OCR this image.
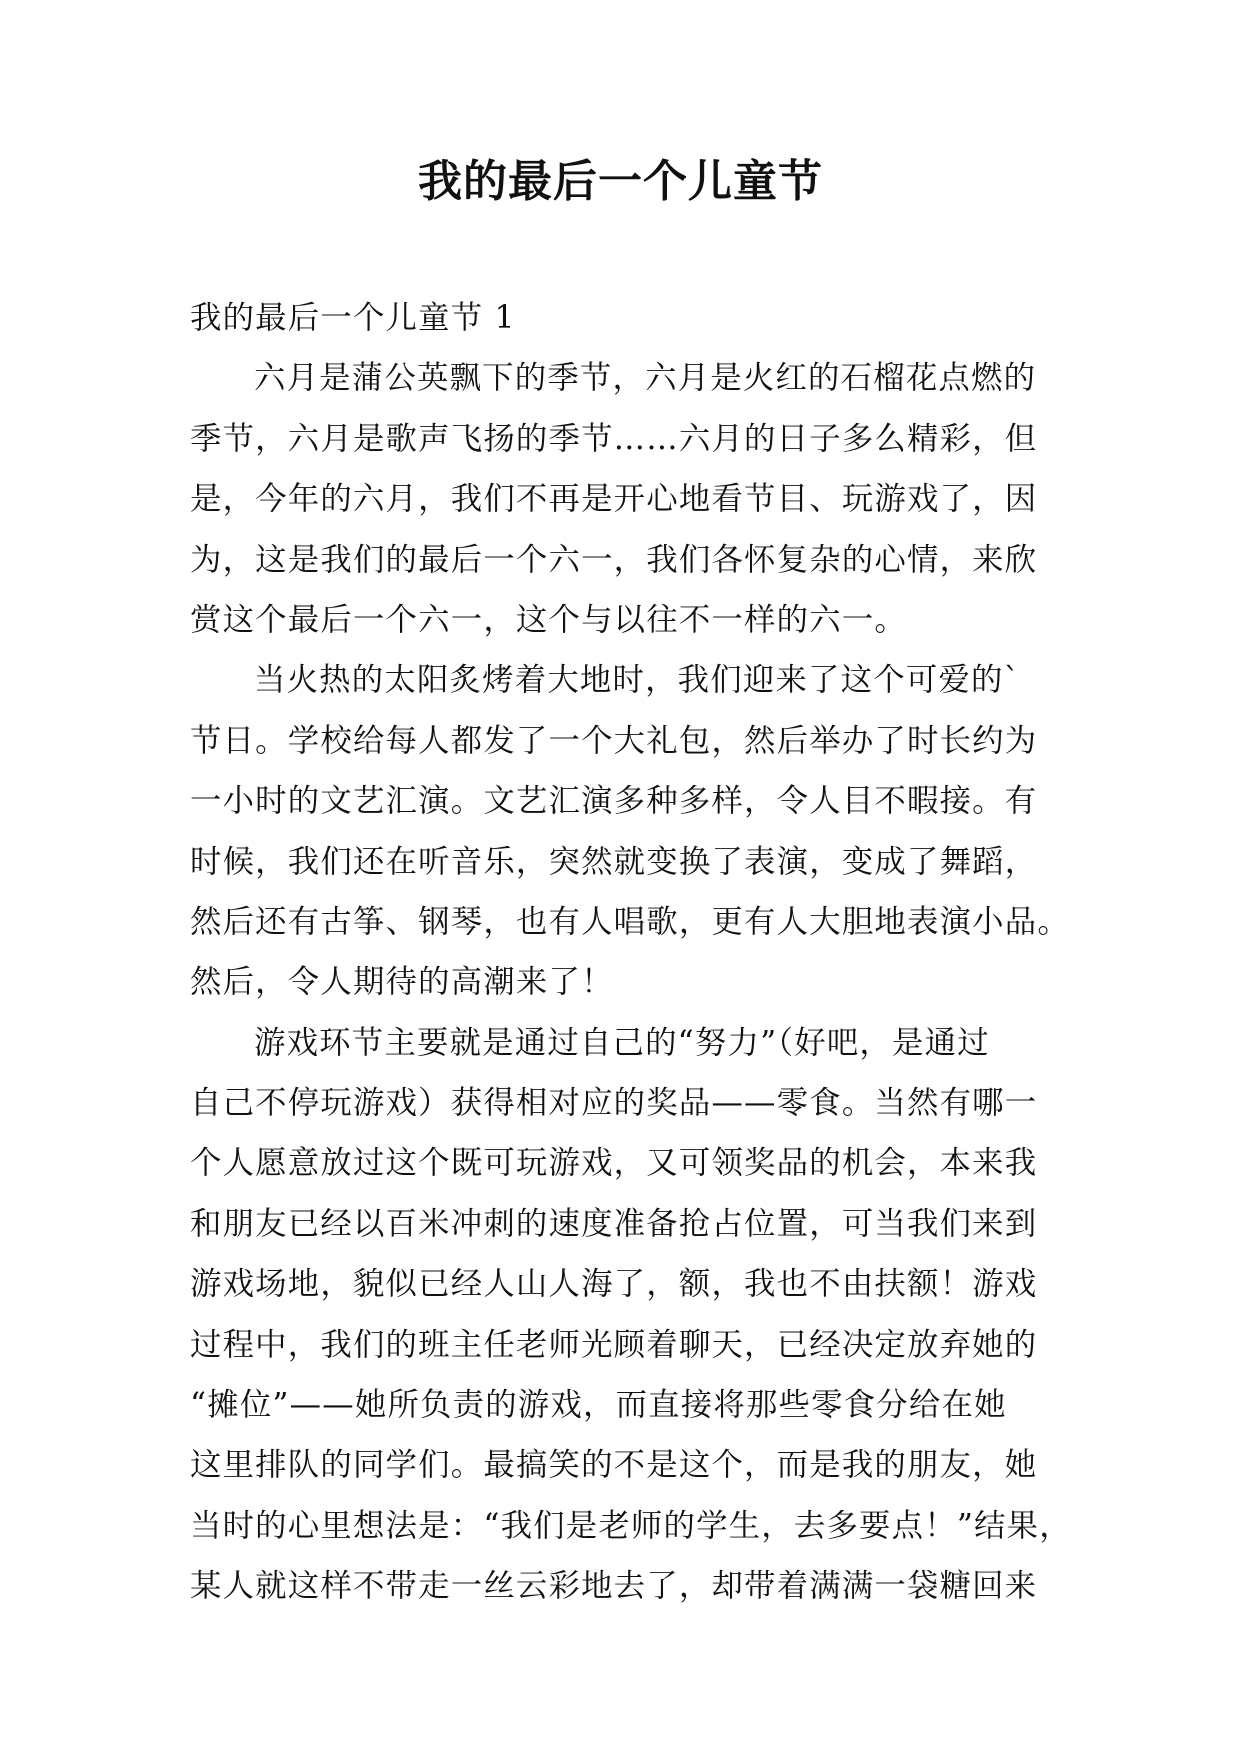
我的最后一个儿童节
我的最后一个儿童节 1
六月是蒲公英飘下的季节，六月是火红的石榴花点燃的
季节，六月是歌声飞扬的季节……六月的日子多么精彩，但
是，今年的六月，我们不再是开心地看节目、玩游戏了，因
为，这是我们的最后一个六一，我们各怀复杂的心情，来欣
赏这个最后一个六一，这个与以往不一样的六一。
当火热的太阳炙烤着大地时，我们迎来了这个可爱的`
节日。学校给每人都发了一个大礼包，然后举办了时长约为
一小时的文艺汇演。文艺汇演多种多样，令人目不暇接。有
时候，我们还在听音乐，突然就变换了表演，变成了舞蹈，
然后还有古筝、钢琴，也有人唱歌，更有人大胆地表演小品。
然后，令人期待的高潮来了！
游戏环节主要就是通过自己的“努力”（好吧，是通过
自己不停玩游戏）获得相对应的奖品——零食。当然有哪一
个人愿意放过这个既可玩游戏，又可领奖品的机会，本来我
和朋友已经以百米冲刺的速度准备抢占位置，可当我们来到
游戏场地，貌似已经人山人海了，额，我也不由扶额！游戏
过程中，我们的班主任老师光顾着聊天，已经决定放弃她的
“摊位”——她所负责的游戏，而直接将那些零食分给在她
这里排队的同学们。最搞笑的不是这个，而是我的朋友，她
当时的心里想法是：“我们是老师的学生，去多要点！”结果，
某人就这样不带走一丝云彩地去了，却带着满满一袋糖回来
